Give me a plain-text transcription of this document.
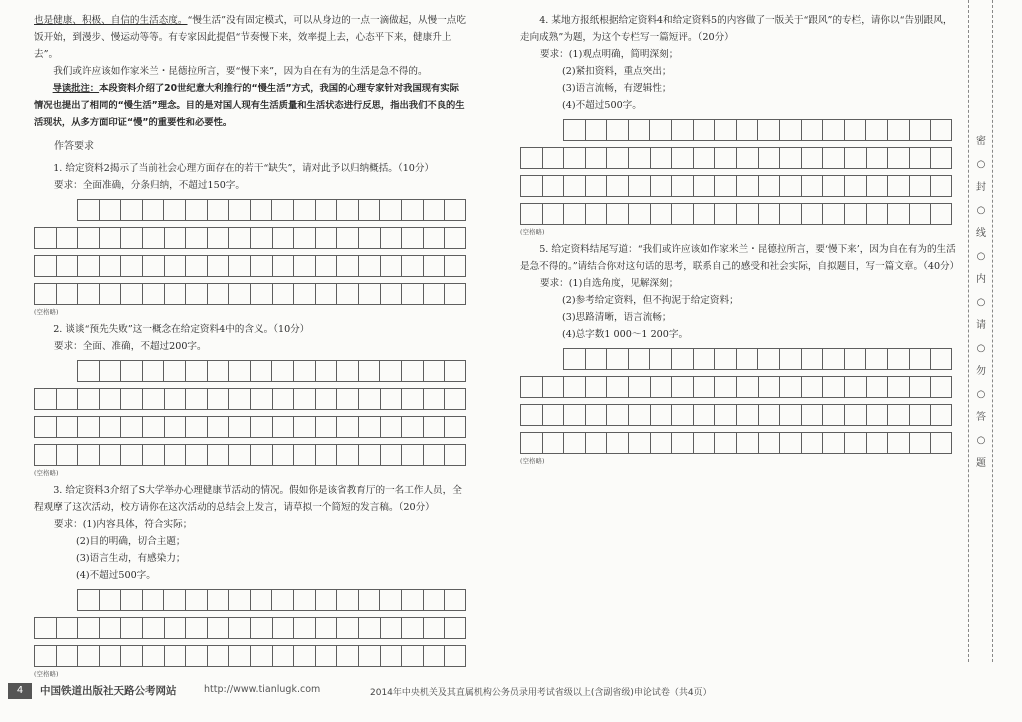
也是健康、积极、自信的生活态度。“慢生活”没有固定模式，可以从身边的一点一滴做起，从慢一点吃饭开始，到漫步、慢运动等等。有专家因此提倡“节奏慢下来，效率提上去，心态平下来，健康升上去”。

我们或许应该如作家米兰・昆德拉所言，要“慢下来”，因为自在有为的生活是急不得的。

导读批注：本段资料介绍了20世纪意大利推行的“慢生活”方式，我国的心理专家针对我国现有实际情况也提出了相同的“慢生活”理念。目的是对国人现有生活质量和生活状态进行反思，指出我们不良的生活现状，从多方面印证“慢”的重要性和必要性。

作答要求

1. 给定资料2揭示了当前社会心理方面存在的若干“缺失”，请对此予以归纳概括。（10分）

要求：全面准确，分条归纳，不超过150字。

(空格略)

2. 谈谈“预先失败”这一概念在给定资料4中的含义。（10分）

要求：全面、准确，不超过200字。

(空格略)

3. 给定资料3介绍了S大学举办心理健康节活动的情况。假如你是该省教育厅的一名工作人员，全程观摩了这次活动，校方请你在这次活动的总结会上发言，请草拟一个简短的发言稿。（20分）

要求：(1)内容具体，符合实际；

(2)目的明确，切合主题；

(3)语言生动，有感染力；

(4)不超过500字。

(空格略)

4. 某地方报纸根据给定资料4和给定资料5的内容做了一版关于“跟风”的专栏，请你以“告别跟风，走向成熟”为题，为这个专栏写一篇短评。（20分）

要求：(1)观点明确，简明深刻；

(2)紧扣资料，重点突出；

(3)语言流畅，有逻辑性；

(4)不超过500字。

(空格略)

5. 给定资料结尾写道：“我们或许应该如作家米兰・昆德拉所言，要‘慢下来’，因为自在有为的生活是急不得的。”请结合你对这句话的思考，联系自己的感受和社会实际，自拟题目，写一篇文章。（40分）

要求：(1)自选角度，见解深刻；

(2)参考给定资料，但不拘泥于给定资料；

(3)思路清晰，语言流畅；

(4)总字数1 000～1 200字。

(空格略)

密
○
封
○
线
○
内
○
请
○
勿
○
答
○
题
4	中国铁道出版社天路公考网站	http://www.tianlugk.com	2014年中央机关及其直属机构公务员录用考试省级以上(含副省级)申论试卷（共4页）
